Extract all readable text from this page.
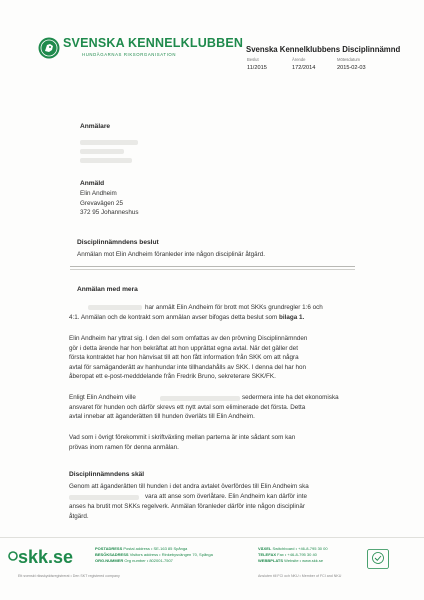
SVENSKA KENNELKLUBBEN
HUNDÄGARNAS RIKSORGANISATION
Svenska Kennelklubbens Disciplinnämnd
Beslut	Ärende	Mötesdatum
11/2015	172/2014	2015-02-03
Anmälare
Anmäld
Elin Andheim
Grevavägen 25
372 95 Johanneshus
Disciplinnämndens beslut
Anmälan mot Elin Andheim föranleder inte någon disciplinär åtgärd.
Anmälan med mera
har anmält Elin Andheim för brott mot SKKs grundregler 1:6 och
4:1. Anmälan och de kontrakt som anmälan avser bifogas detta beslut som bilaga 1.
Elin Andheim har yttrat sig. I den del som omfattas av den prövning Disciplinnämnden
gör i detta ärende har hon bekräftat att hon upprättat egna avtal. När det gäller det
första kontraktet har hon hänvisat till att hon fått information från SKK om att några
avtal för samäganderätt av hanhundar inte tillhandahålls av SKK. I denna del har hon
åberopat ett e-post-medddelande från Fredrik Bruno, sekreterare SKK/FK.
Enligt Elin Andheim ville	sedermera inte ha det ekonomiska
ansvaret för hunden och därför skrevs ett nytt avtal som eliminerade det första. Detta
avtal innebar att äganderätten till hunden överläts till Elin Andheim.
Vad som i övrigt förekommit i skriftväxling mellan parterna är inte sådant som kan
prövas inom ramen för denna anmälan.
Disciplinnämndens skäl
Genom att äganderätten till hunden i det andra avtalet överfördes till Elin Andheim ska
vara att anse som överlåtare. Elin Andheim kan därför inte
anses ha brutit mot SKKs regelverk. Anmälan föranleder därför inte någon disciplinär
åtgärd.
skk.se	POSTADRESS Postal address • SE-163 85 Spånga
BESÖKSADRESS Visitors address • Rinkebysvängen 70, Spånga
ORG.NUMMER Org number • 802001-7507
VÄXEL Switchboard • +46-8-795 30 00
TELEFAX Fax • +46-8-795 30 40
WEBBPLATS Website • www.skk.se
Ett svenskt riksskyddsregistrerat • Den SKT registered company	Ansluten till FCI och NKU • Member of FCI and NKU
